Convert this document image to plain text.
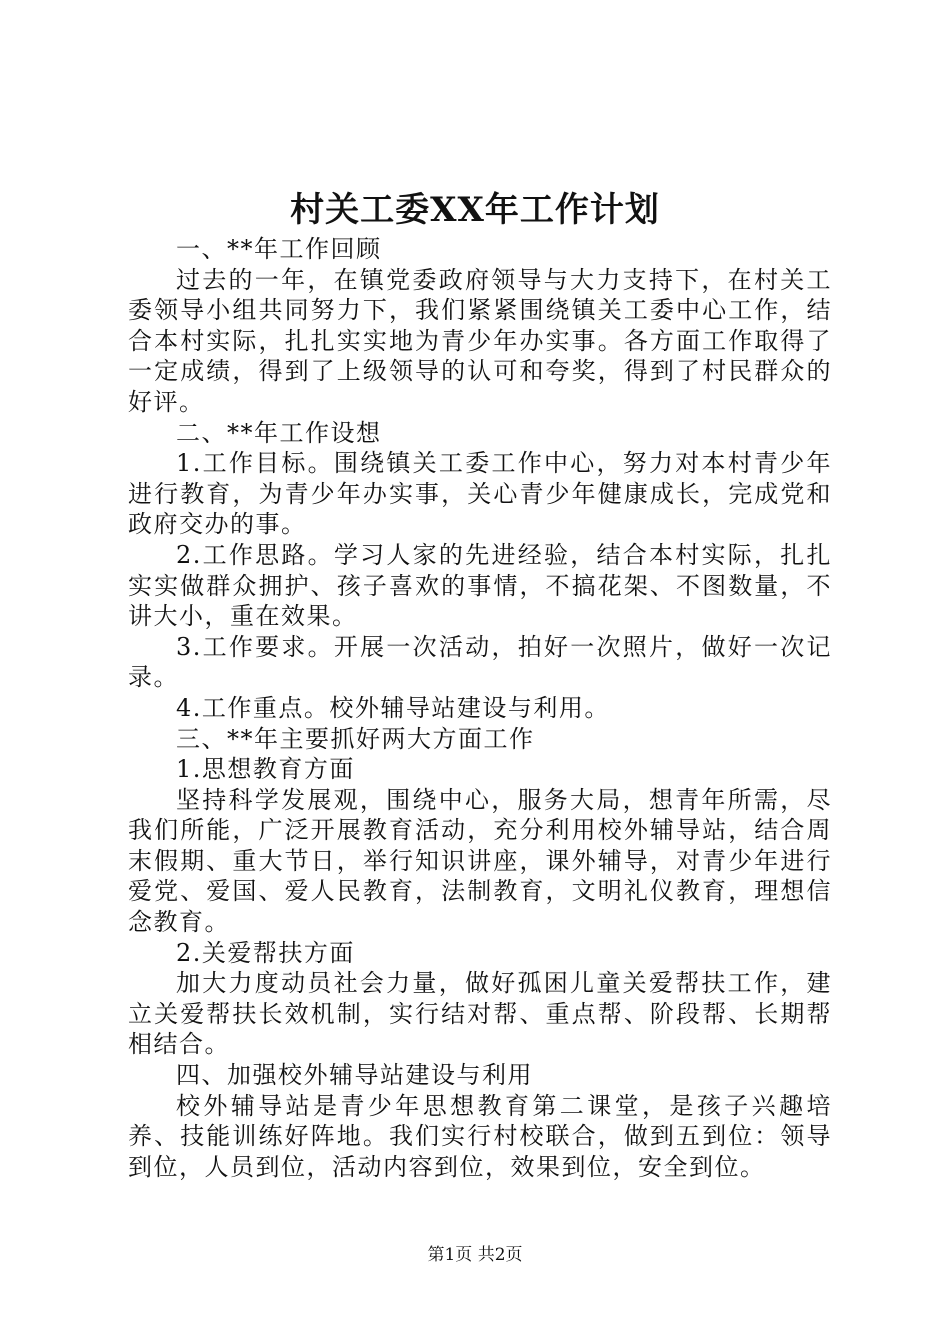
村关工委XX年工作计划

一、**年工作回顾

过去的一年，在镇党委政府领导与大力支持下，在村关工委领导小组共同努力下，我们紧紧围绕镇关工委中心工作，结合本村实际，扎扎实实地为青少年办实事。各方面工作取得了一定成绩，得到了上级领导的认可和夸奖，得到了村民群众的好评。

二、**年工作设想

1.工作目标。围绕镇关工委工作中心，努力对本村青少年进行教育，为青少年办实事，关心青少年健康成长，完成党和政府交办的事。

2.工作思路。学习人家的先进经验，结合本村实际，扎扎实实做群众拥护、孩子喜欢的事情，不搞花架、不图数量，不讲大小，重在效果。

3.工作要求。开展一次活动，拍好一次照片，做好一次记录。

4.工作重点。校外辅导站建设与利用。

三、**年主要抓好两大方面工作

1.思想教育方面

坚持科学发展观，围绕中心，服务大局，想青年所需，尽我们所能，广泛开展教育活动，充分利用校外辅导站，结合周末假期、重大节日，举行知识讲座，课外辅导，对青少年进行爱党、爱国、爱人民教育，法制教育，文明礼仪教育，理想信念教育。

2.关爱帮扶方面

加大力度动员社会力量，做好孤困儿童关爱帮扶工作，建立关爱帮扶长效机制，实行结对帮、重点帮、阶段帮、长期帮相结合。

四、加强校外辅导站建设与利用

校外辅导站是青少年思想教育第二课堂，是孩子兴趣培养、技能训练好阵地。我们实行村校联合，做到五到位：领导到位，人员到位，活动内容到位，效果到位，安全到位。

第1页 共2页
